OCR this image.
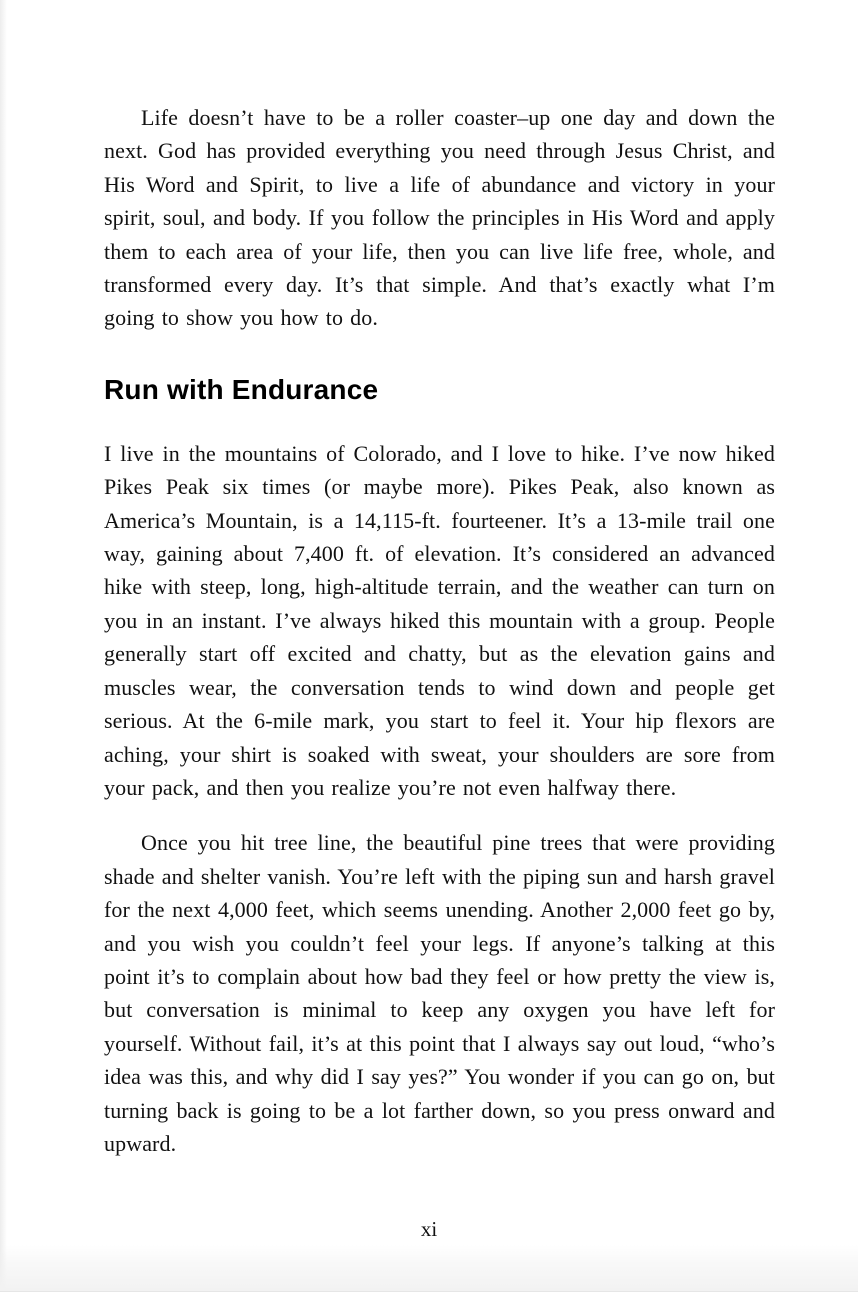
Life doesn’t have to be a roller coaster–up one day and down the next. God has provided everything you need through Jesus Christ, and His Word and Spirit, to live a life of abundance and victory in your spirit, soul, and body. If you follow the principles in His Word and apply them to each area of your life, then you can live life free, whole, and transformed every day. It’s that simple. And that’s exactly what I’m going to show you how to do.

Run with Endurance

I live in the mountains of Colorado, and I love to hike. I’ve now hiked Pikes Peak six times (or maybe more). Pikes Peak, also known as America’s Mountain, is a 14,115-ft. fourteener. It’s a 13-mile trail one way, gaining about 7,400 ft. of elevation. It’s considered an advanced hike with steep, long, high-altitude terrain, and the weather can turn on you in an instant. I’ve always hiked this mountain with a group. People generally start off excited and chatty, but as the elevation gains and muscles wear, the conversation tends to wind down and people get serious. At the 6-mile mark, you start to feel it. Your hip flexors are aching, your shirt is soaked with sweat, your shoulders are sore from your pack, and then you realize you’re not even halfway there.

Once you hit tree line, the beautiful pine trees that were providing shade and shelter vanish. You’re left with the piping sun and harsh gravel for the next 4,000 feet, which seems unending. Another 2,000 feet go by, and you wish you couldn’t feel your legs. If anyone’s talking at this point it’s to complain about how bad they feel or how pretty the view is, but conversation is minimal to keep any oxygen you have left for yourself. Without fail, it’s at this point that I always say out loud, “who’s idea was this, and why did I say yes?” You wonder if you can go on, but turning back is going to be a lot farther down, so you press onward and upward.

xi
